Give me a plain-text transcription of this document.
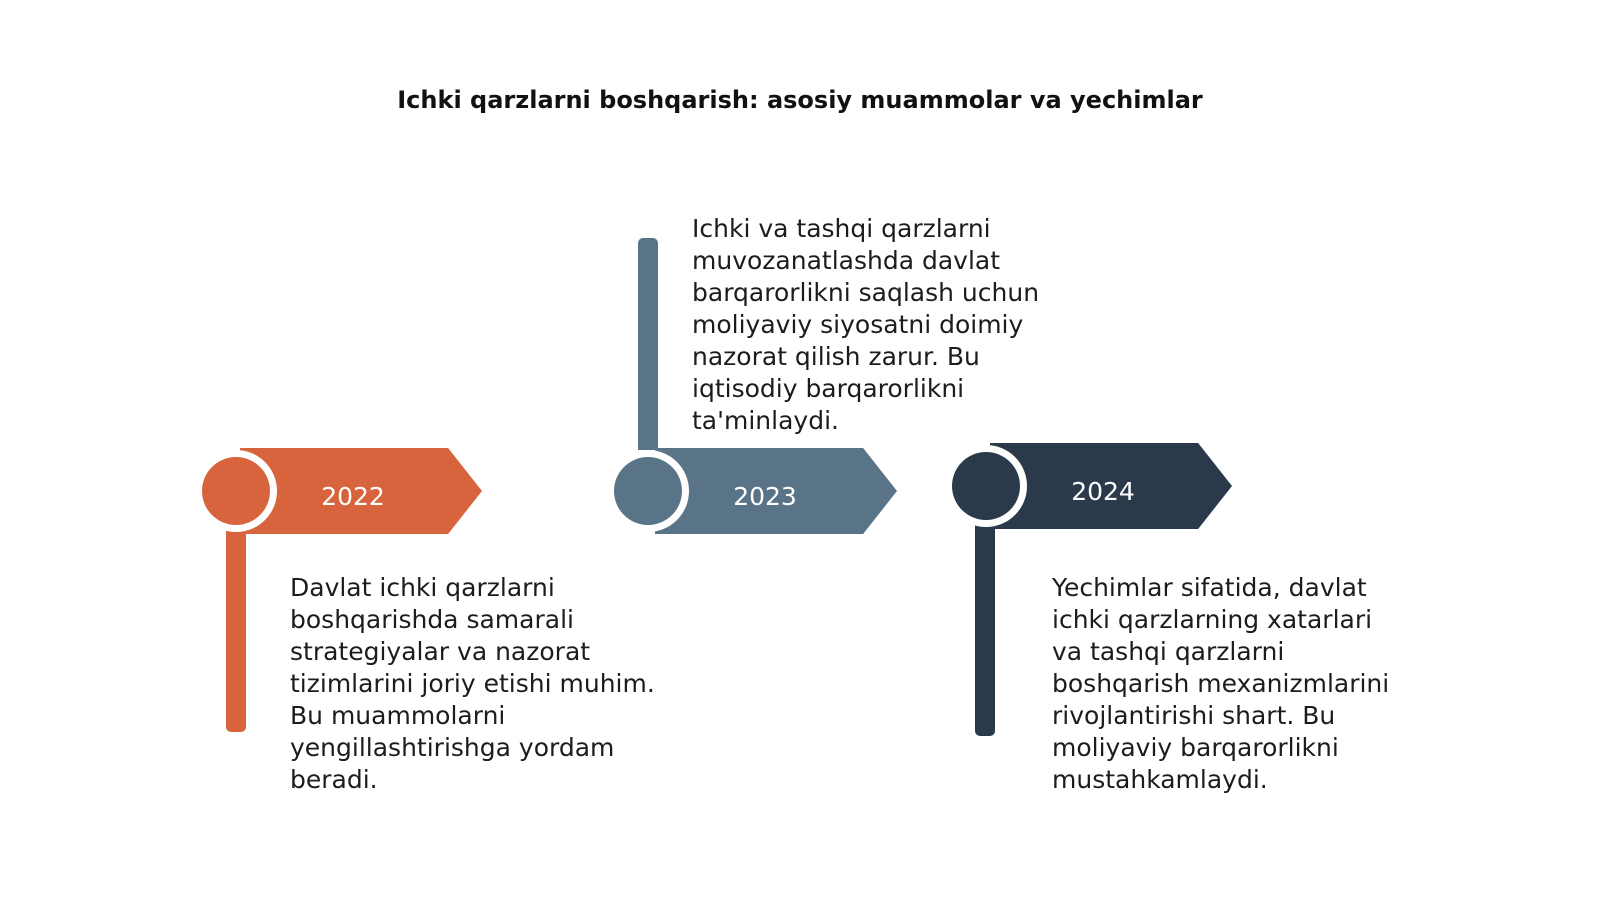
Ichki qarzlarni boshqarish: asosiy muammolar va yechimlar
2022
Davlat ichki qarzlarni boshqarishda samarali strategiyalar va nazorat tizimlarini joriy etishi muhim. Bu muammolarni yengillashtirishga yordam beradi.
2023
Ichki va tashqi qarzlarni muvozanatlashda davlat barqarorlikni saqlash uchun moliyaviy siyosatni doimiy nazorat qilish zarur. Bu iqtisodiy barqarorlikni ta'minlaydi.
2024
Yechimlar sifatida, davlat ichki qarzlarning xatarlari va tashqi qarzlarni boshqarish mexanizmlarini rivojlantirishi shart. Bu moliyaviy barqarorlikni mustahkamlaydi.
